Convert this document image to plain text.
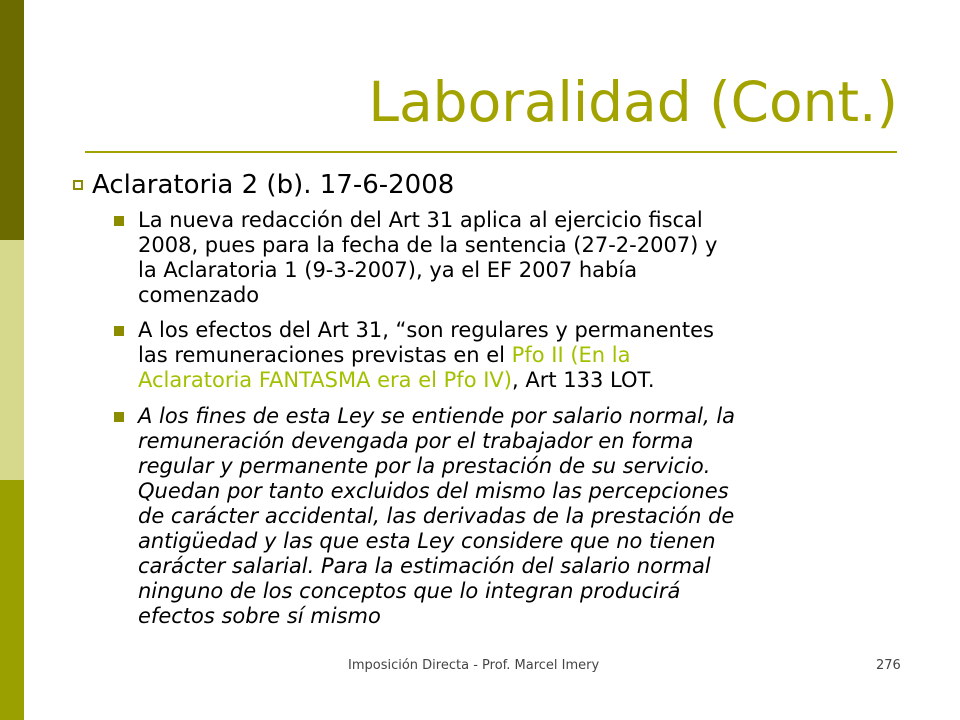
Laboralidad (Cont.)
Aclaratoria 2 (b). 17-6-2008
La nueva redacción del Art 31 aplica al ejercicio fiscal
2008, pues para la fecha de la sentencia (27-2-2007) y
la Aclaratoria 1 (9-3-2007), ya el EF 2007 había
comenzado
A los efectos del Art 31, “son regulares y permanentes
las remuneraciones previstas en el Pfo II (En la
Aclaratoria FANTASMA era el Pfo IV), Art 133 LOT.
A los fines de esta Ley se entiende por salario normal, la
remuneración devengada por el trabajador en forma
regular y permanente por la prestación de su servicio.
Quedan por tanto excluidos del mismo las percepciones
de carácter accidental, las derivadas de la prestación de
antigüedad y las que esta Ley considere que no tienen
carácter salarial. Para la estimación del salario normal
ninguno de los conceptos que lo integran producirá
efectos sobre sí mismo
Imposición Directa - Prof. Marcel Imery	276
